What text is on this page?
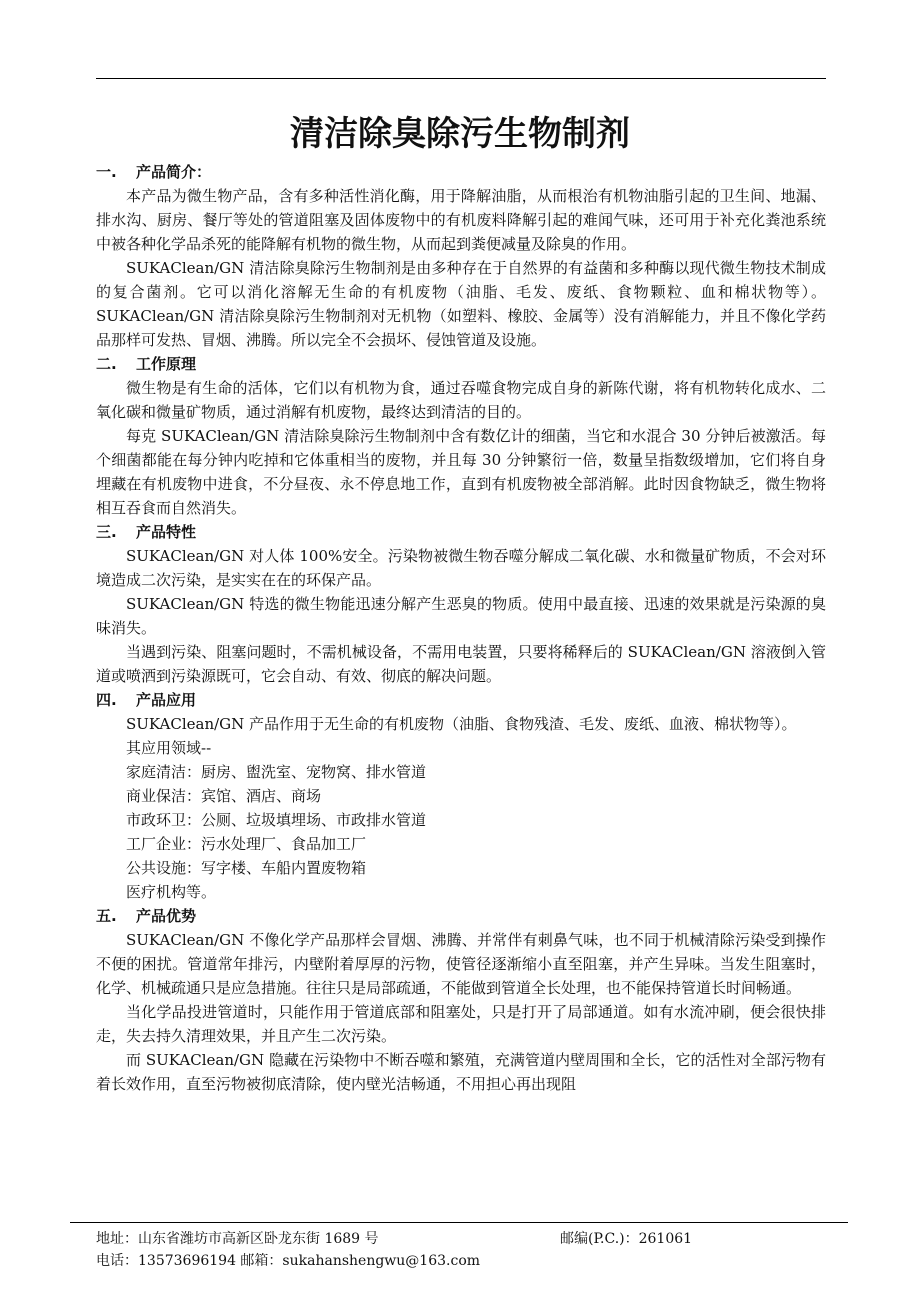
清洁除臭除污生物制剂
一. 产品简介：

本产品为微生物产品，含有多种活性消化酶，用于降解油脂，从而根治有机物油脂引起的卫生间、地漏、排水沟、厨房、餐厅等处的管道阻塞及固体废物中的有机废料降解引起的难闻气味，还可用于补充化粪池系统中被各种化学品杀死的能降解有机物的微生物，从而起到粪便减量及除臭的作用。

SUKAClean/GN 清洁除臭除污生物制剂是由多种存在于自然界的有益菌和多种酶以现代微生物技术制成的复合菌剂。它可以消化溶解无生命的有机废物（油脂、毛发、废纸、食物颗粒、血和棉状物等）。SUKAClean/GN 清洁除臭除污生物制剂对无机物（如塑料、橡胶、金属等）没有消解能力，并且不像化学药品那样可发热、冒烟、沸腾。所以完全不会损坏、侵蚀管道及设施。

二. 工作原理

微生物是有生命的活体，它们以有机物为食，通过吞噬食物完成自身的新陈代谢，将有机物转化成水、二氧化碳和微量矿物质，通过消解有机废物，最终达到清洁的目的。

每克 SUKAClean/GN 清洁除臭除污生物制剂中含有数亿计的细菌，当它和水混合 30 分钟后被激活。每个细菌都能在每分钟内吃掉和它体重相当的废物，并且每 30 分钟繁衍一倍，数量呈指数级增加，它们将自身埋藏在有机废物中进食，不分昼夜、永不停息地工作，直到有机废物被全部消解。此时因食物缺乏，微生物将相互吞食而自然消失。

三. 产品特性

SUKAClean/GN 对人体 100%安全。污染物被微生物吞噬分解成二氧化碳、水和微量矿物质，不会对环境造成二次污染，是实实在在的环保产品。

SUKAClean/GN 特选的微生物能迅速分解产生恶臭的物质。使用中最直接、迅速的效果就是污染源的臭味消失。

当遇到污染、阻塞问题时，不需机械设备，不需用电装置，只要将稀释后的 SUKAClean/GN 溶液倒入管道或喷洒到污染源既可，它会自动、有效、彻底的解决问题。

四. 产品应用

SUKAClean/GN 产品作用于无生命的有机废物（油脂、食物残渣、毛发、废纸、血液、棉状物等）。

其应用领域--

家庭清洁：厨房、盥洗室、宠物窝、排水管道

商业保洁：宾馆、酒店、商场

市政环卫：公厕、垃圾填埋场、市政排水管道

工厂企业：污水处理厂、食品加工厂

公共设施：写字楼、车船内置废物箱

医疗机构等。

五. 产品优势

SUKAClean/GN 不像化学产品那样会冒烟、沸腾、并常伴有刺鼻气味，也不同于机械清除污染受到操作不便的困扰。管道常年排污，内壁附着厚厚的污物，使管径逐渐缩小直至阻塞，并产生异味。当发生阻塞时，化学、机械疏通只是应急措施。往往只是局部疏通，不能做到管道全长处理，也不能保持管道长时间畅通。

当化学品投进管道时，只能作用于管道底部和阻塞处，只是打开了局部通道。如有水流冲刷，便会很快排走，失去持久清理效果，并且产生二次污染。

而 SUKAClean/GN 隐藏在污染物中不断吞噬和繁殖，充满管道内壁周围和全长，它的活性对全部污物有着长效作用，直至污物被彻底清除，使内壁光洁畅通，不用担心再出现阻

地址：山东省潍坊市高新区卧龙东街 1689 号	邮编(P.C.)：261061
电话：13573696194 邮箱：sukahanshengwu@163.com
